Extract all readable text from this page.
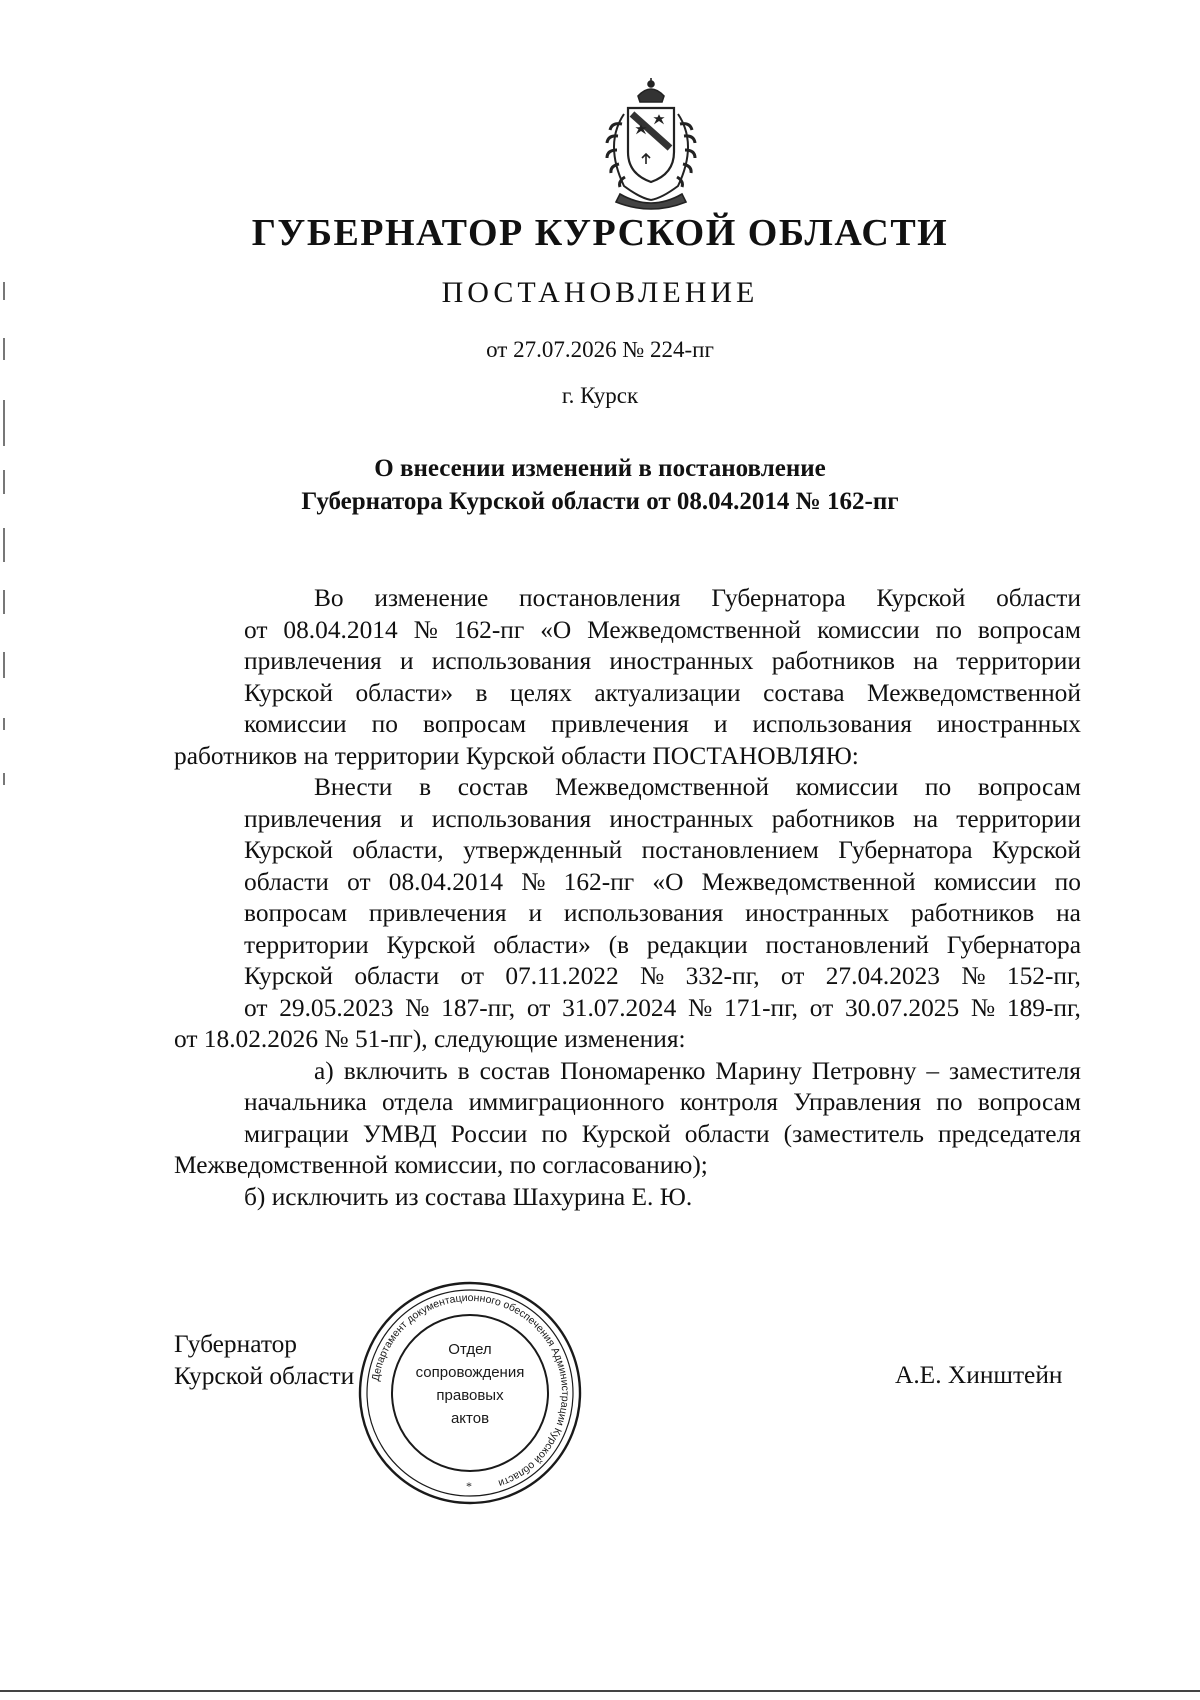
ГУБЕРНАТОР КУРСКОЙ ОБЛАСТИ
ПОСТАНОВЛЕНИЕ
от 27.07.2026 № 224-пг
г. Курск
О внесении изменений в постановление
Губернатора Курской области от 08.04.2014 № 162-пг

Во изменение постановления Губернатора Курской области
от 08.04.2014 № 162-пг «О Межведомственной комиссии по вопросам
привлечения и использования иностранных работников на территории
Курской области» в целях актуализации состава Межведомственной
комиссии по вопросам привлечения и использования иностранных
работников на территории Курской области ПОСТАНОВЛЯЮ:

Внести в состав Межведомственной комиссии по вопросам
привлечения и использования иностранных работников на территории
Курской области, утвержденный постановлением Губернатора Курской
области от 08.04.2014 № 162-пг «О Межведомственной комиссии по
вопросам привлечения и использования иностранных работников на
территории Курской области» (в редакции постановлений Губернатора
Курской области от 07.11.2022 № 332-пг, от 27.04.2023 № 152-пг,
от 29.05.2023 № 187-пг, от 31.07.2024 № 171-пг, от 30.07.2025 № 189-пг,
от 18.02.2026 № 51-пг), следующие изменения:

а) включить в состав Пономаренко Марину Петровну – заместителя
начальника отдела иммиграционного контроля Управления по вопросам
миграции УМВД России по Курской области (заместитель председателя
Межведомственной комиссии, по согласованию);

б) исключить из состава Шахурина Е. Ю.

Губернатор
Курской области	А.Е. Хинштейн
Департамент документационного обеспечения Администрации Курской области
*
Отдел
сопровождения
правовых
актов
